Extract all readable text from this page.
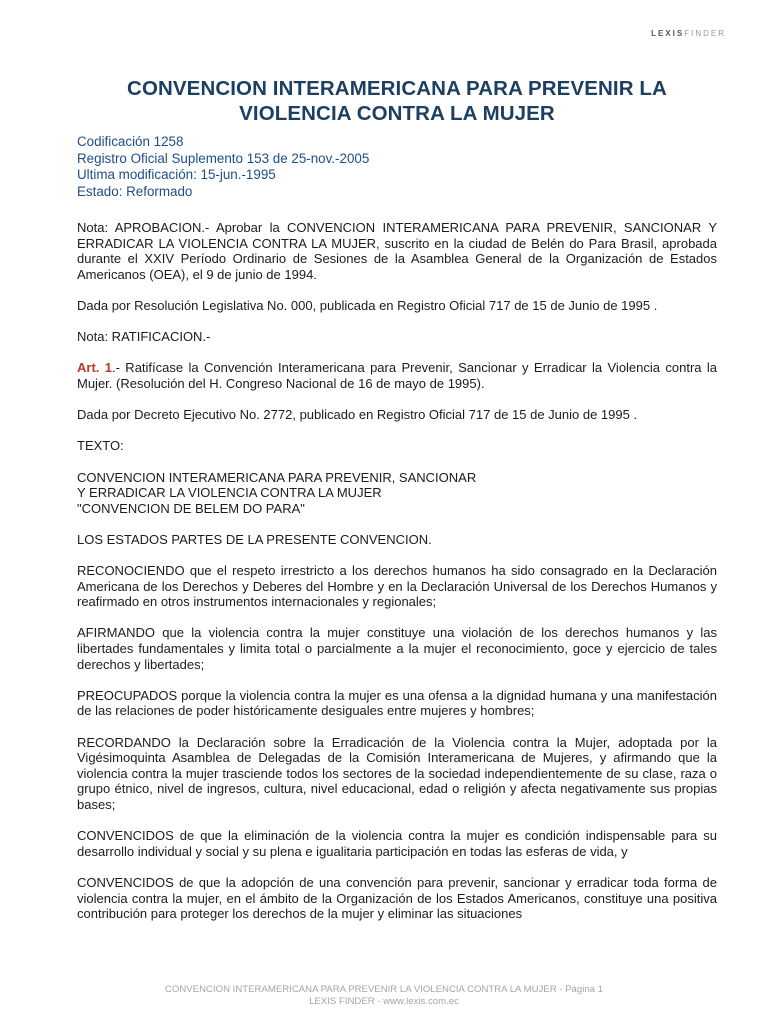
LEXISFINDER
CONVENCION INTERAMERICANA PARA PREVENIR LA
VIOLENCIA CONTRA LA MUJER
Codificación 1258
Registro Oficial Suplemento 153 de 25-nov.-2005
Ultima modificación: 15-jun.-1995
Estado: Reformado

Nota: APROBACION.- Aprobar la CONVENCION INTERAMERICANA PARA PREVENIR, SANCIONAR Y ERRADICAR LA VIOLENCIA CONTRA LA MUJER, suscrito en la ciudad de Belén do Para Brasil, aprobada durante el XXIV Período Ordinario de Sesiones de la Asamblea General de la Organización de Estados Americanos (OEA), el 9 de junio de 1994.

Dada por Resolución Legislativa No. 000, publicada en Registro Oficial 717 de 15 de Junio de 1995 .

Nota: RATIFICACION.-

Art. 1.- Ratifícase la Convención Interamericana para Prevenir, Sancionar y Erradicar la Violencia contra la Mujer. (Resolución del H. Congreso Nacional de 16 de mayo de 1995).

Dada por Decreto Ejecutivo No. 2772, publicado en Registro Oficial 717 de 15 de Junio de 1995 .

TEXTO:

CONVENCION INTERAMERICANA PARA PREVENIR, SANCIONAR
Y ERRADICAR LA VIOLENCIA CONTRA LA MUJER
"CONVENCION DE BELEM DO PARA"

LOS ESTADOS PARTES DE LA PRESENTE CONVENCION.

RECONOCIENDO que el respeto irrestricto a los derechos humanos ha sido consagrado en la Declaración Americana de los Derechos y Deberes del Hombre y en la Declaración Universal de los Derechos Humanos y reafirmado en otros instrumentos internacionales y regionales;

AFIRMANDO que la violencia contra la mujer constituye una violación de los derechos humanos y las libertades fundamentales y limita total o parcialmente a la mujer el reconocimiento, goce y ejercicio de tales derechos y libertades;

PREOCUPADOS porque la violencia contra la mujer es una ofensa a la dignidad humana y una manifestación de las relaciones de poder históricamente desiguales entre mujeres y hombres;

RECORDANDO la Declaración sobre la Erradicación de la Violencia contra la Mujer, adoptada por la Vigésimoquinta Asamblea de Delegadas de la Comisión Interamericana de Mujeres, y afirmando que la violencia contra la mujer trasciende todos los sectores de la sociedad independientemente de su clase, raza o grupo étnico, nivel de ingresos, cultura, nivel educacional, edad o religión y afecta negativamente sus propias bases;

CONVENCIDOS de que la eliminación de la violencia contra la mujer es condición indispensable para su desarrollo individual y social y su plena e igualitaria participación en todas las esferas de vida, y

CONVENCIDOS de que la adopción de una convención para prevenir, sancionar y erradicar toda forma de violencia contra la mujer, en el ámbito de la Organización de los Estados Americanos, constituye una positiva contribución para proteger los derechos de la mujer y eliminar las situaciones

CONVENCION INTERAMERICANA PARA PREVENIR LA VIOLENCIA CONTRA LA MUJER - Página 1
LEXIS FINDER - www.lexis.com.ec
